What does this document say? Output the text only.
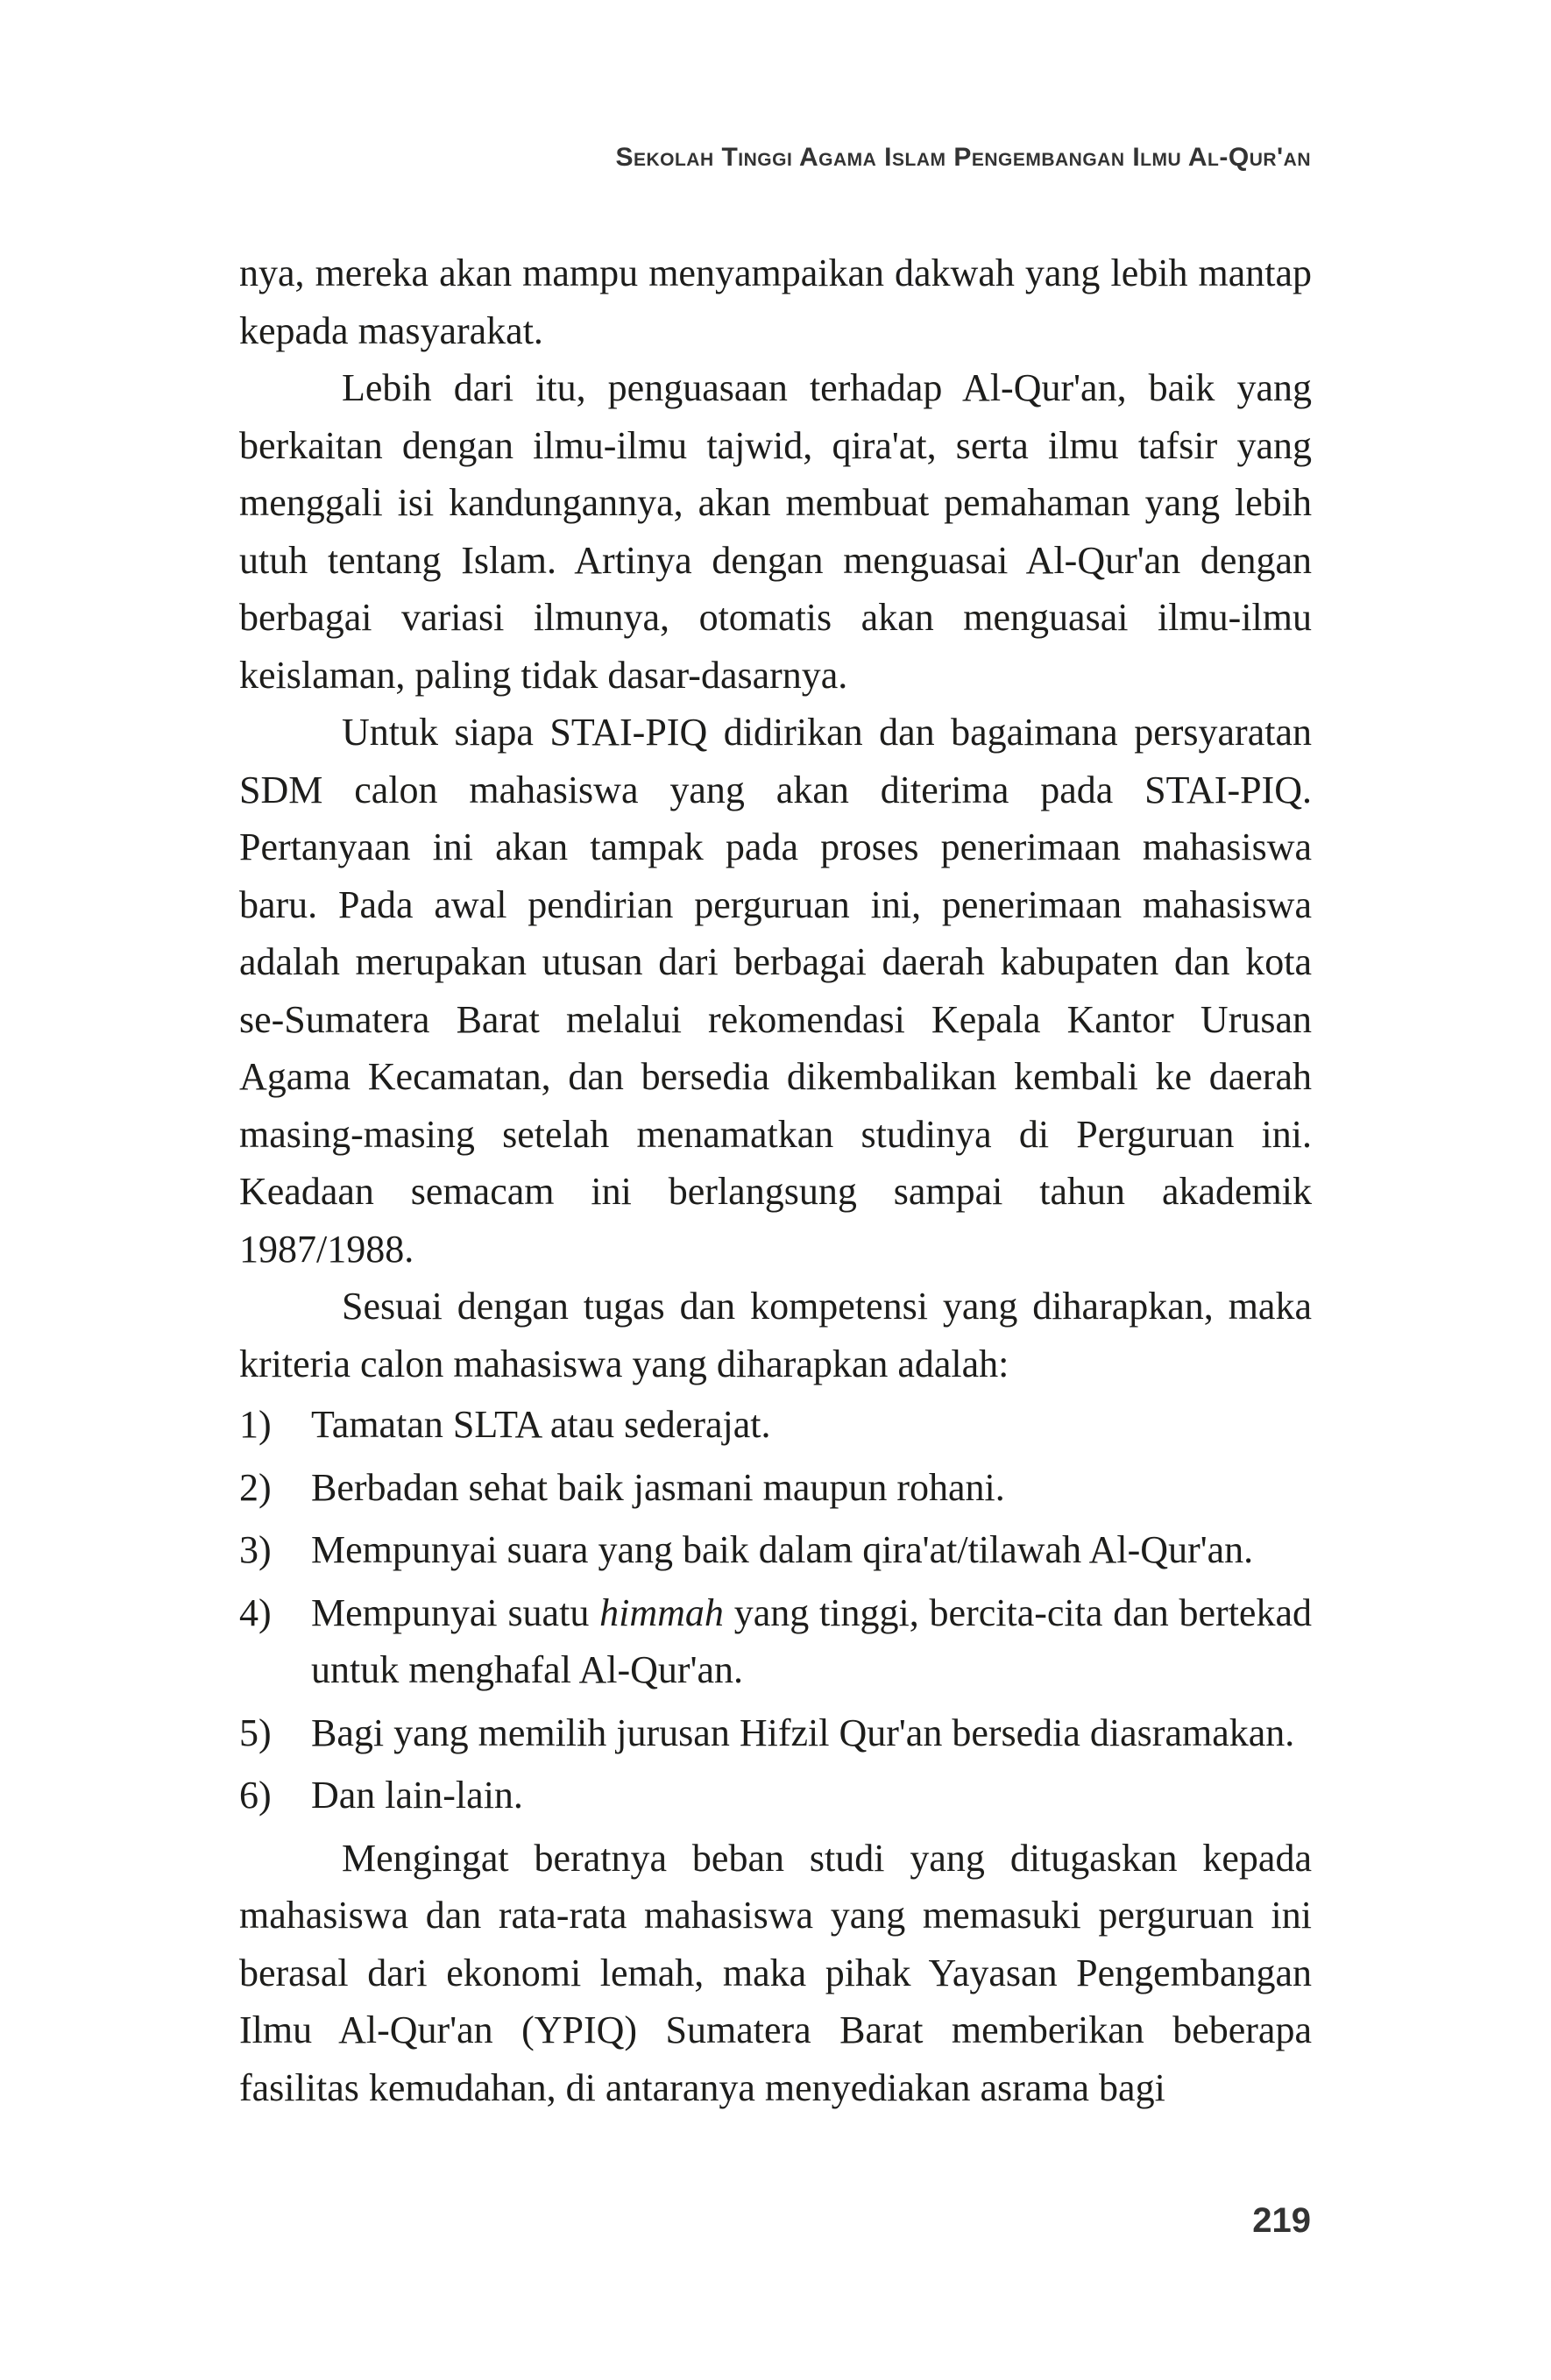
Sekolah Tinggi Agama Islam Pengembangan Ilmu Al-Qur'an

nya, mereka akan mampu menyampaikan dakwah yang lebih mantap kepada masyarakat.

Lebih dari itu, penguasaan terhadap Al-Qur'an, baik yang berkaitan dengan ilmu-ilmu tajwid, qira'at, serta ilmu tafsir yang menggali isi kandungannya, akan membuat pemahaman yang lebih utuh tentang Islam. Artinya dengan menguasai Al-Qur'an dengan berbagai variasi ilmunya, otomatis akan menguasai ilmu-ilmu keislaman, paling tidak dasar-dasarnya.

Untuk siapa STAI-PIQ didirikan dan bagaimana persyaratan SDM calon mahasiswa yang akan diterima pada STAI-PIQ. Pertanyaan ini akan tampak pada proses penerimaan mahasiswa baru. Pada awal pendirian perguruan ini, penerimaan mahasiswa adalah merupakan utusan dari berbagai daerah kabupaten dan kota se-Sumatera Barat melalui rekomendasi Kepala Kantor Urusan Agama Kecamatan, dan bersedia dikembalikan kembali ke daerah masing-masing setelah menamatkan studinya di Perguruan ini. Keadaan semacam ini berlangsung sampai tahun akademik 1987/1988.

Sesuai dengan tugas dan kompetensi yang diharapkan, maka kriteria calon mahasiswa yang diharapkan adalah:

1)	Tamatan SLTA atau sederajat.
2)	Berbadan sehat baik jasmani maupun rohani.
3)	Mempunyai suara yang baik dalam qira'at/tilawah Al-Qur'an.
4)	Mempunyai suatu himmah yang tinggi, bercita-cita dan bertekad untuk menghafal Al-Qur'an.
5)	Bagi yang memilih jurusan Hifzil Qur'an bersedia diasramakan.
6)	Dan lain-lain.

Mengingat beratnya beban studi yang ditugaskan kepada mahasiswa dan rata-rata mahasiswa yang memasuki perguruan ini berasal dari ekonomi lemah, maka pihak Yayasan Pengembangan Ilmu Al-Qur'an (YPIQ) Sumatera Barat memberikan beberapa fasilitas kemudahan, di antaranya menyediakan asrama bagi

219
